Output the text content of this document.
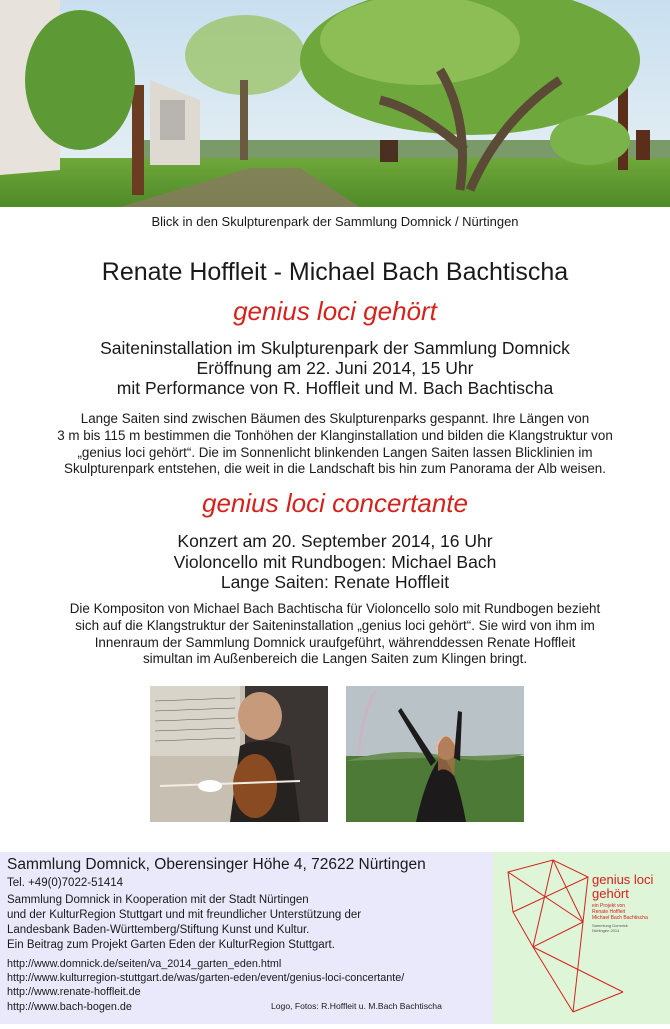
Blick in den Skulpturenpark der Sammlung Domnick / Nürtingen
Renate Hoffleit - Michael Bach Bachtischa
genius loci gehört
Saiteninstallation im Skulpturenpark der Sammlung Domnick
Eröffnung am 22. Juni 2014, 15 Uhr
mit Performance von R. Hoffleit und M. Bach Bachtischa
Lange Saiten sind zwischen Bäumen des Skulpturenparks gespannt. Ihre Längen von
3 m bis 115 m bestimmen die Tonhöhen der Klanginstallation und bilden die Klangstruktur von
„genius loci gehört“. Die im Sonnenlicht blinkenden Langen Saiten lassen Blicklinien im
Skulpturenpark entstehen, die weit in die Landschaft bis hin zum Panorama der Alb weisen.
genius loci concertante
Konzert am 20. September 2014, 16 Uhr
Violoncello mit Rundbogen: Michael Bach
Lange Saiten: Renate Hoffleit
Die Kompositon von Michael Bach Bachtischa für Violoncello solo mit Rundbogen bezieht
sich auf die Klangstruktur der Saiteninstallation „genius loci gehört“. Sie wird von ihm im
Innenraum der Sammlung Domnick uraufgeführt, währenddessen Renate Hoffleit
simultan im Außenbereich die Langen Saiten zum Klingen bringt.
Sammlung Domnick, Oberensinger Höhe 4, 72622 Nürtingen
Tel. +49(0)7022-51414
Sammlung Domnick in Kooperation mit der Stadt Nürtingen
und der KulturRegion Stuttgart und mit freundlicher Unterstützung der
Landesbank Baden-Württemberg/Stiftung Kunst und Kultur.
Ein Beitrag zum Projekt Garten Eden der KulturRegion Stuttgart.
http://www.domnick.de/seiten/va_2014_garten_eden.html
http://www.kulturregion-stuttgart.de/was/garten-eden/event/genius-loci-concertante/
http://www.renate-hoffleit.de
http://www.bach-bogen.de	Logo, Fotos: R.Hoffleit u. M.Bach Bachtischa
genius loci
gehört
ein Projekt von
Renate Hoffleit
Michael Bach Bachtischa
Sammlung Domnick
Nürtingen 2014
